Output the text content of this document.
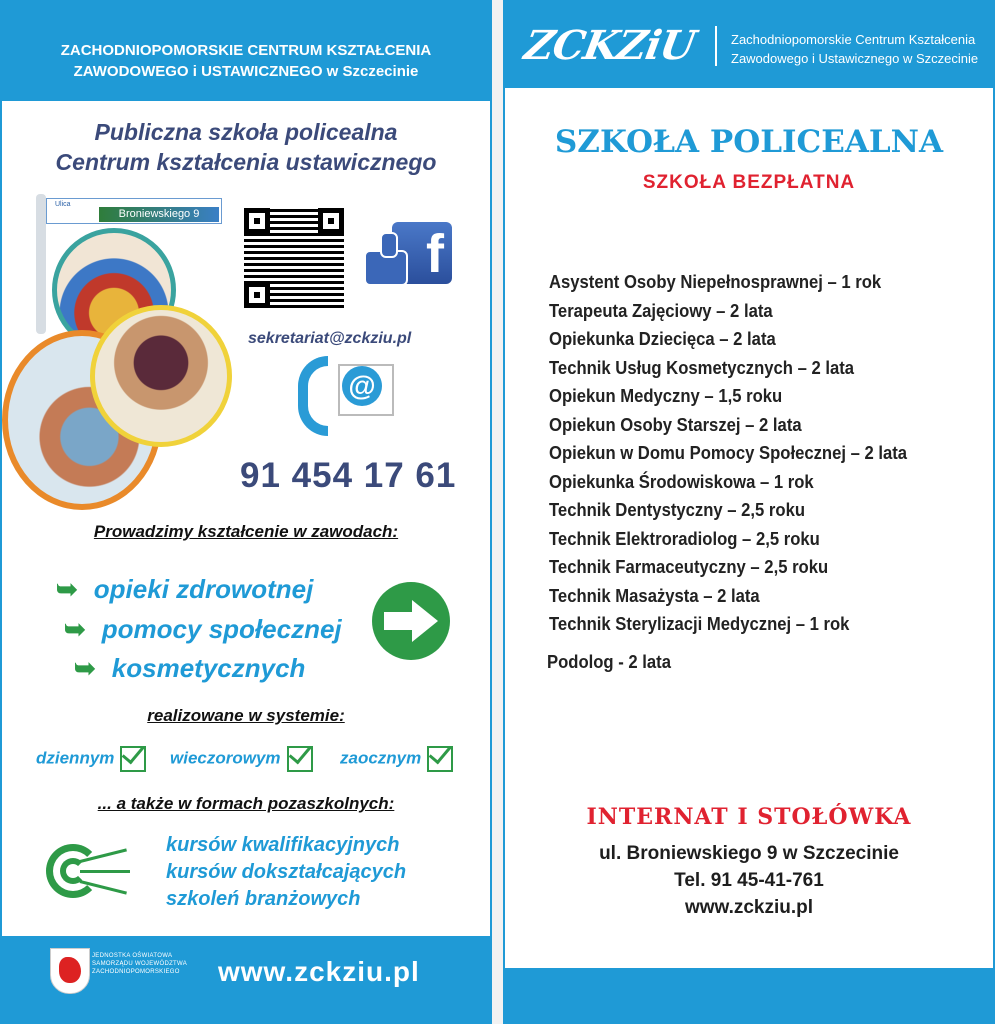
ZACHODNIOPOMORSKIE CENTRUM KSZTAŁCENIA
ZAWODOWEGO i USTAWICZNEGO w Szczecinie
Publiczna szkoła policealna
Centrum kształcenia ustawicznego
Ulica
Broniewskiego 9
f
sekretariat@zckziu.pl
@
91 454 17 61
Prowadzimy kształcenie w zawodach:
➥ opieki zdrowotnej
➥ pomocy społecznej
➥ kosmetycznych
realizowane w systemie:
dziennym	wieczorowym	zaocznym
... a także w formach pozaszkolnych:
kursów kwalifikacyjnych
kursów dokształcających
szkoleń branżowych
JEDNOSTKA OŚWIATOWA
SAMORZĄDU WOJEWÓDZTWA
ZACHODNIOPOMORSKIEGO www.zckziu.pl
ZCKZiU	Zachodniopomorskie Centrum Kształcenia
Zawodowego i Ustawicznego w Szczecinie
SZKOŁA POLICEALNA
SZKOŁA BEZPŁATNA
Asystent Osoby Niepełnosprawnej – 1 rok
Terapeuta Zajęciowy – 2 lata
Opiekunka Dziecięca – 2 lata
Technik Usług Kosmetycznych – 2 lata
Opiekun Medyczny – 1,5 roku
Opiekun Osoby Starszej – 2 lata
Opiekun w Domu Pomocy Społecznej – 2 lata
Opiekunka Środowiskowa – 1 rok
Technik Dentystyczny – 2,5 roku
Technik Elektroradiolog – 2,5 roku
Technik Farmaceutyczny – 2,5 roku
Technik Masażysta – 2 lata
Technik Sterylizacji Medycznej – 1 rok
Podolog - 2 lata
INTERNAT I STOŁÓWKA
ul. Broniewskiego 9 w Szczecinie
Tel. 91 45-41-761
www.zckziu.pl
